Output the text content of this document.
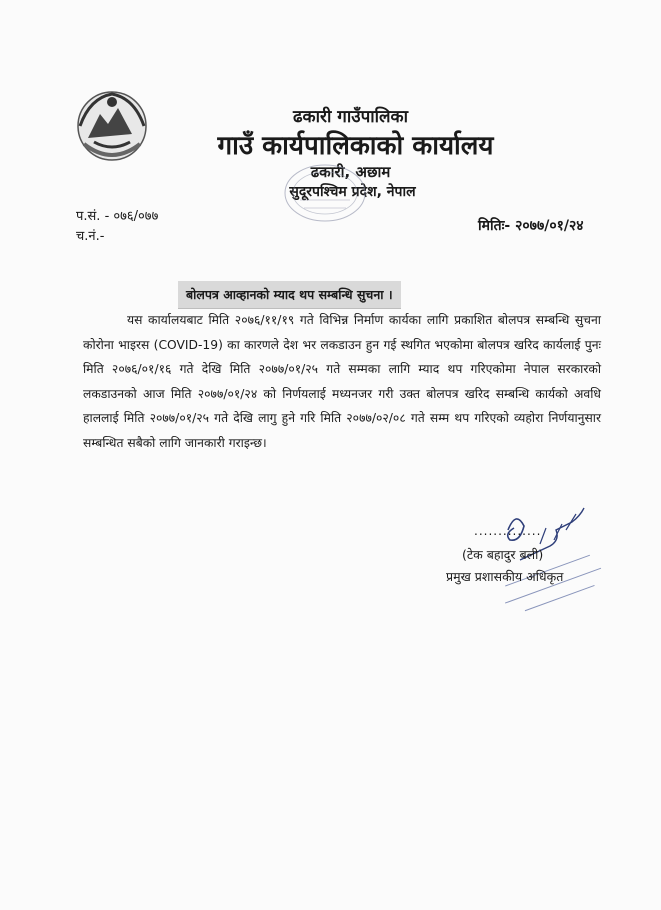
ढकारी गाउँपालिका
गाउँ कार्यपालिकाको कार्यालय
ढकारी, अछाम
सुदूरपश्चिम प्रदेश, नेपाल
प.सं. - ०७६/०७७
च.नं.-
मितिः- २०७७/०१/२४
बोलपत्र आव्हानको म्याद थप सम्बन्धि सुचना ।
यस कार्यालयबाट मिति २०७६/११/१९ गते विभिन्न निर्माण कार्यका लागि प्रकाशित बोलपत्र सम्बन्धि सुचना कोरोना भाइरस (COVID-19) का कारणले देश भर लकडाउन हुन गई स्थगित भएकोमा बोलपत्र खरिद कार्यलाई पुनः मिति २०७६/०१/१६ गते देखि मिति २०७७/०१/२५ गते सम्मका लागि म्याद थप गरिएकोमा नेपाल सरकारको लकडाउनको आज मिति २०७७/०१/२४ को निर्णयलाई मध्यनजर गरी उक्त बोलपत्र खरिद सम्बन्धि कार्यको अवधि हाललाई मिति २०७७/०१/२५ गते देखि लागु हुने गरि मिति २०७७/०२/०८ गते सम्म थप गरिएको व्यहोरा निर्णयानुसार सम्बन्धित सबैको लागि जानकारी गराइन्छ।
..............
(टेक बहादुर बली)
प्रमुख प्रशासकीय अधिकृत
